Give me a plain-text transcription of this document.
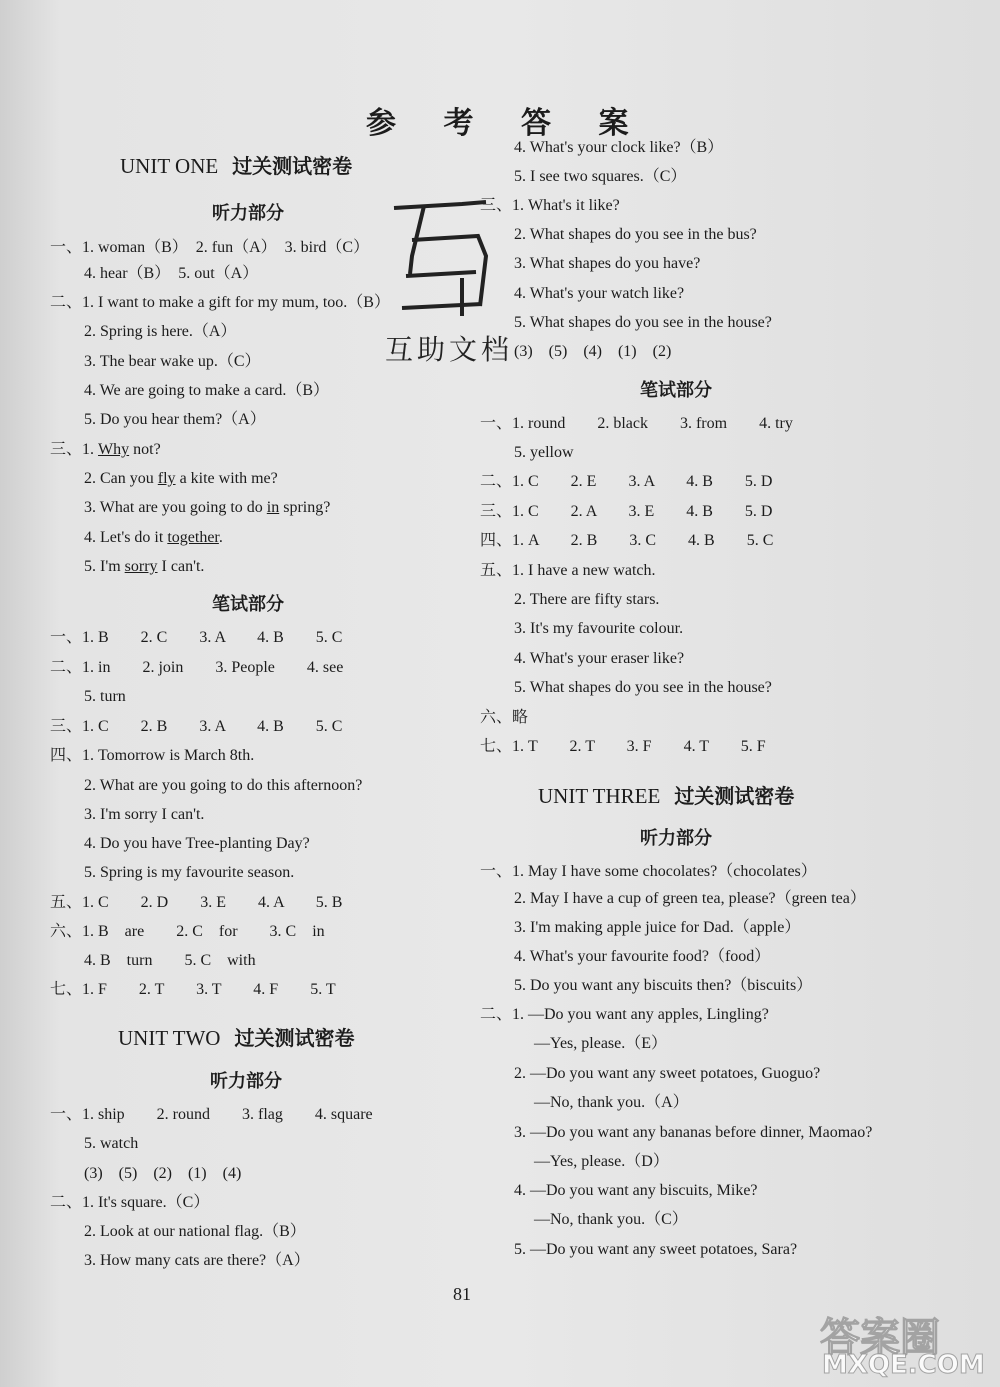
参 考 答 案
UNIT ONE 过关测试密卷
听力部分
一、1. woman（B）　2. fun（A）　3. bird（C）
4. hear（B）　5. out（A）
二、1. I want to make a gift for my mum, too.（B）
2. Spring is here.（A）
3. The bear wake up.（C）
4. We are going to make a card.（B）
5. Do you hear them?（A）
三、1. Why not?
2. Can you fly a kite with me?
3. What are you going to do in spring?
4. Let's do it together.
5. I'm sorry I can't.
笔试部分
一、1. B　　2. C　　3. A　　4. B　　5. C
二、1. in　　2. join　　3. People　　4. see
5. turn
三、1. C　　2. B　　3. A　　4. B　　5. C
四、1. Tomorrow is March 8th.
2. What are you going to do this afternoon?
3. I'm sorry I can't.
4. Do you have Tree-planting Day?
5. Spring is my favourite season.
五、1. C　　2. D　　3. E　　4. A　　5. B
六、1. B　are　　2. C　for　　3. C　in
4. B　turn　　5. C　with
七、1. F　　2. T　　3. T　　4. F　　5. T
UNIT TWO 过关测试密卷
听力部分
一、1. ship　　2. round　　3. flag　　4. square
5. watch
(3)　(5)　(2)　(1)　(4)
二、1. It's square.（C）
2. Look at our national flag.（B）
3. How many cats are there?（A）
4. What's your clock like?（B）
5. I see two squares.（C）
三、1. What's it like?
2. What shapes do you see in the bus?
3. What shapes do you have?
4. What's your watch like?
5. What shapes do you see in the house?
(3)　(5)　(4)　(1)　(2)
笔试部分
一、1. round　　2. black　　3. from　　4. try
5. yellow
二、1. C　　2. E　　3. A　　4. B　　5. D
三、1. C　　2. A　　3. E　　4. B　　5. D
四、1. A　　2. B　　3. C　　4. B　　5. C
五、1. I have a new watch.
2. There are fifty stars.
3. It's my favourite colour.
4. What's your eraser like?
5. What shapes do you see in the house?
六、略
七、1. T　　2. T　　3. F　　4. T　　5. F
UNIT THREE 过关测试密卷
听力部分
一、1. May I have some chocolates?（chocolates）
2. May I have a cup of green tea, please?（green tea）
3. I'm making apple juice for Dad.（apple）
4. What's your favourite food?（food）
5. Do you want any biscuits then?（biscuits）
二、1. —Do you want any apples, Lingling?
—Yes, please.（E）
2. —Do you want any sweet potatoes, Guoguo?
—No, thank you.（A）
3. —Do you want any bananas before dinner, Maomao?
—Yes, please.（D）
4. —Do you want any biscuits, Mike?
—No, thank you.（C）
5. —Do you want any sweet potatoes, Sara?
互助文档
81
答案圈
MXQE.COM
